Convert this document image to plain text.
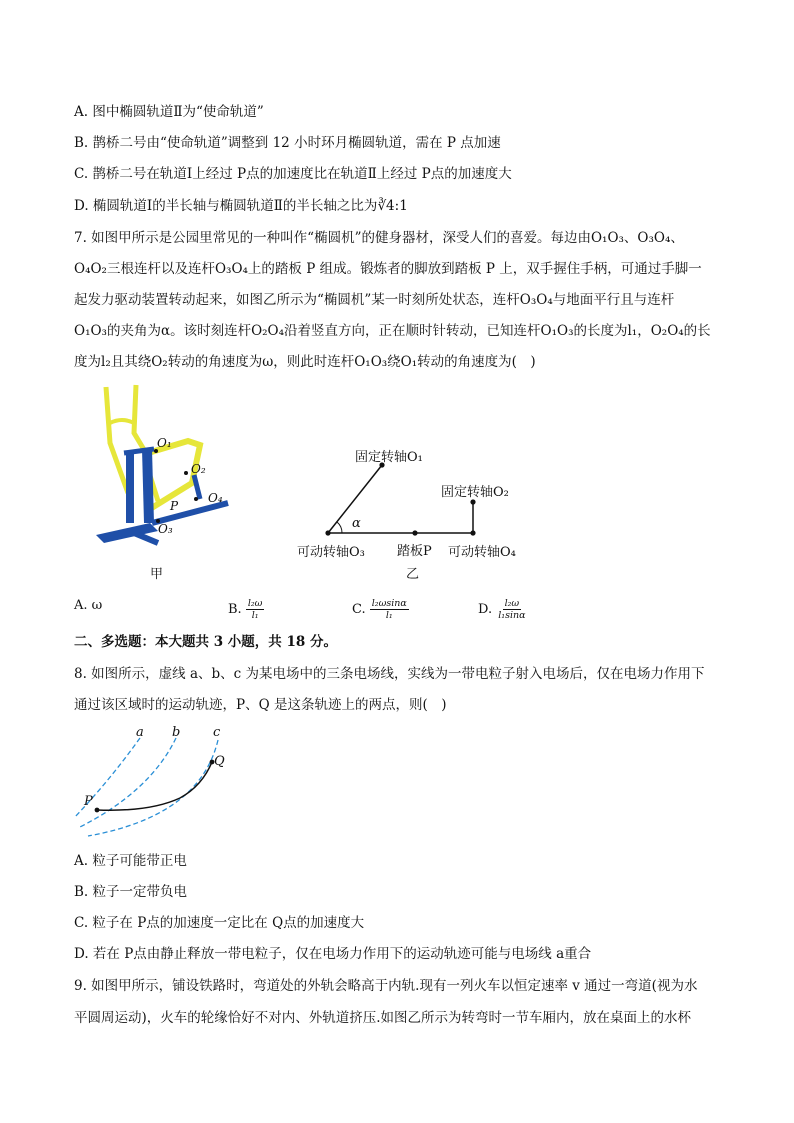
A. 图中椭圆轨道Ⅱ为“使命轨道”
B. 鹊桥二号由“使命轨道”调整到 12 小时环月椭圆轨道，需在 P 点加速
C. 鹊桥二号在轨道Ⅰ上经过 P点的加速度比在轨道Ⅱ上经过 P点的加速度大
D. 椭圆轨道Ⅰ的半长轴与椭圆轨道Ⅱ的半长轴之比为∛4:1
7. 如图甲所示是公园里常见的一种叫作“椭圆机”的健身器材，深受人们的喜爱。每边由O₁O₃、O₃O₄、
O₄O₂三根连杆以及连杆O₃O₄上的踏板 P 组成。锻炼者的脚放到踏板 P 上，双手握住手柄，可通过手脚一
起发力驱动装置转动起来，如图乙所示为“椭圆机”某一时刻所处状态，连杆O₃O₄与地面平行且与连杆
O₁O₃的夹角为α。该时刻连杆O₂O₄沿着竖直方向，正在顺时针转动，已知连杆O₁O₃的长度为l₁，O₂O₄的长
度为l₂且其绕O₂转动的角速度为ω，则此时连杆O₁O₃绕O₁转动的角速度为(　)
O₁
O₂
O₄
P
O₃
甲
固定转轴O₁
固定转轴O₂
α
可动转轴O₃ 踏板P 可动转轴O₄
乙
A. ω	B. $\frac{\text{l₂ω}}{\text{l₁}}$	C. $\frac{\text{l₂ωsinα}}{\text{l₁}}$	D. $\frac{\text{l₂ω}}{\text{l₁sinα}}$
二、多选题：本大题共 3 小题，共 18 分。
8. 如图所示，虚线 a、b、c 为某电场中的三条电场线，实线为一带电粒子射入电场后，仅在电场力作用下
通过该区域时的运动轨迹，P、Q 是这条轨迹上的两点，则(　)
a b	c
Q
P
A. 粒子可能带正电
B. 粒子一定带负电
C. 粒子在 P点的加速度一定比在 Q点的加速度大
D. 若在 P点由静止释放一带电粒子，仅在电场力作用下的运动轨迹可能与电场线 a重合
9. 如图甲所示，铺设铁路时，弯道处的外轨会略高于内轨.现有一列火车以恒定速率 v 通过一弯道(视为水
平圆周运动)，火车的轮缘恰好不对内、外轨道挤压.如图乙所示为转弯时一节车厢内，放在桌面上的水杯
